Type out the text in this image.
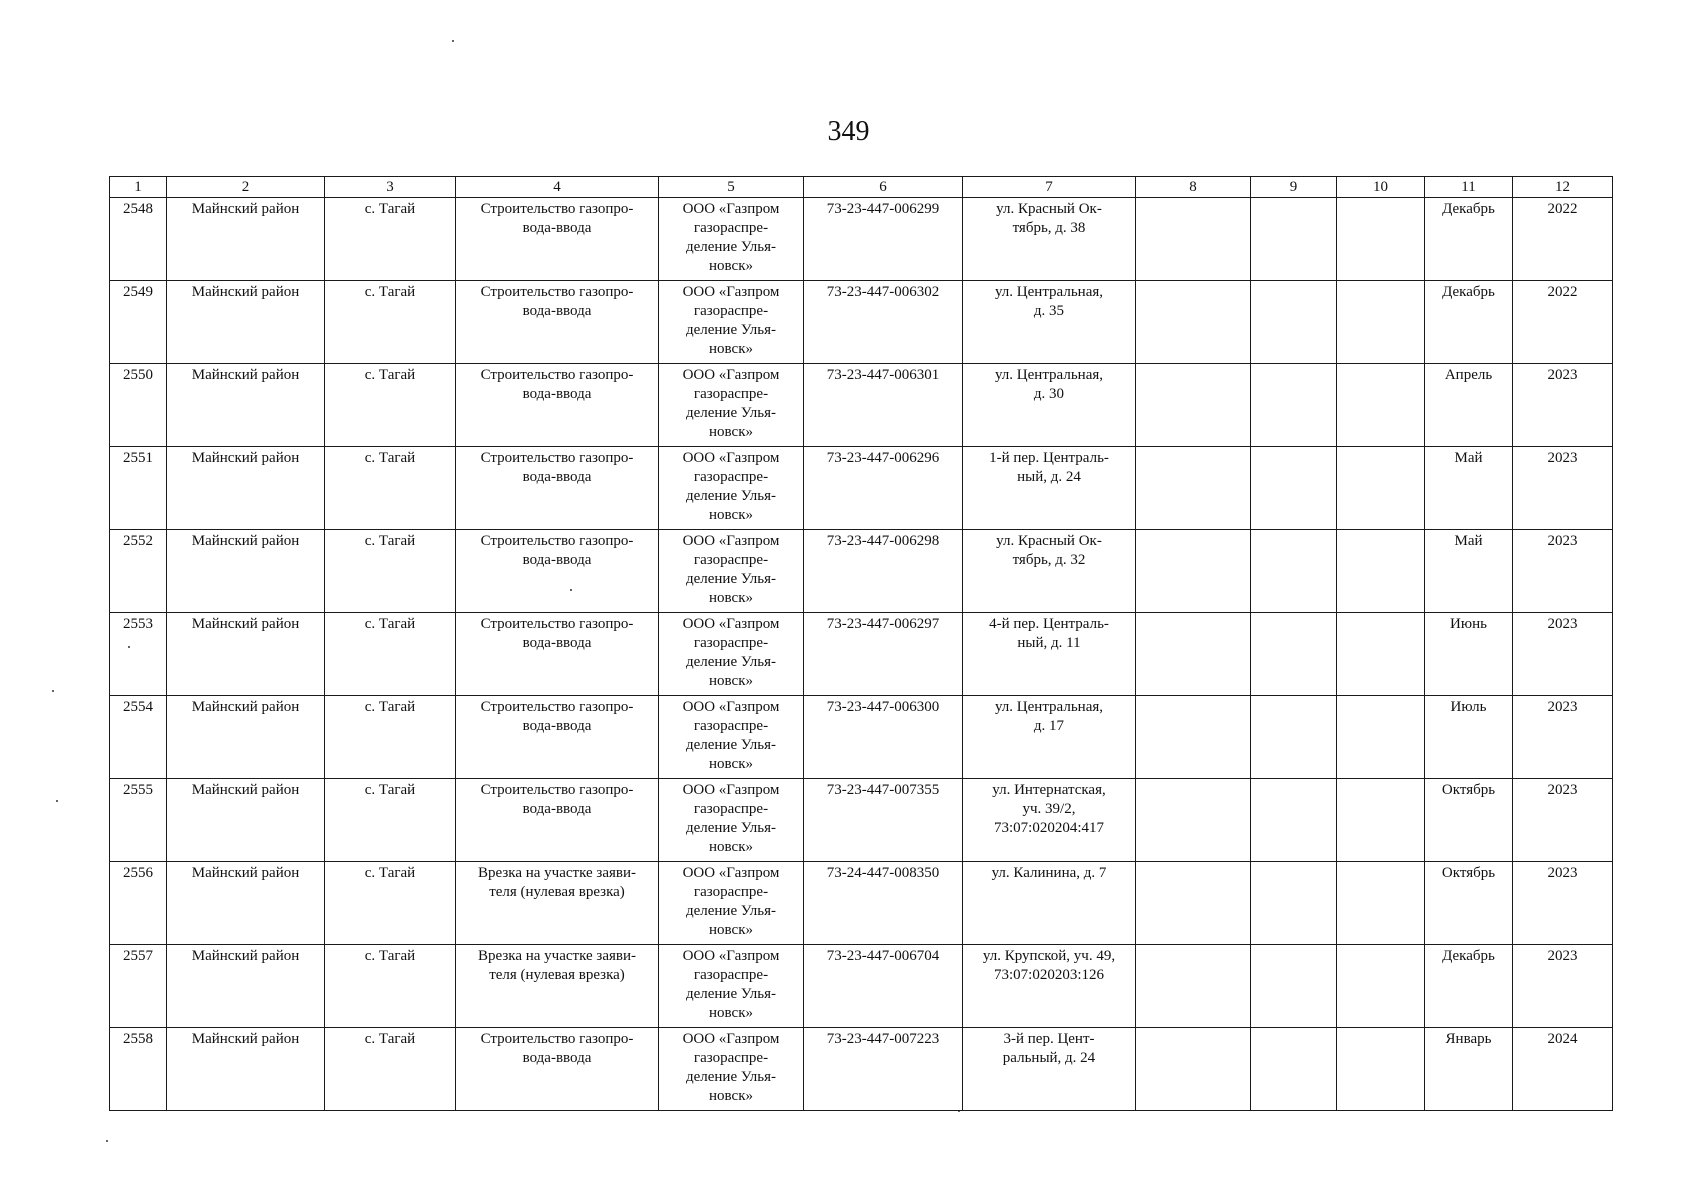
349
1	2	3	4	5	6	7	8	9	10	11	12
2548	Майнский район	с. Тагай	Строительство газопро-
вода-ввода	ООО «Газпром
газораспре-
деление Улья-
новск»	73-23-447-006299	ул. Красный Ок-
тябрь, д. 38				Декабрь	2022
2549	Майнский район	с. Тагай	Строительство газопро-
вода-ввода	ООО «Газпром
газораспре-
деление Улья-
новск»	73-23-447-006302	ул. Центральная,
д. 35				Декабрь	2022
2550	Майнский район	с. Тагай	Строительство газопро-
вода-ввода	ООО «Газпром
газораспре-
деление Улья-
новск»	73-23-447-006301	ул. Центральная,
д. 30				Апрель	2023
2551	Майнский район	с. Тагай	Строительство газопро-
вода-ввода	ООО «Газпром
газораспре-
деление Улья-
новск»	73-23-447-006296	1-й пер. Централь-
ный, д. 24				Май	2023
2552	Майнский район	с. Тагай	Строительство газопро-
вода-ввода	ООО «Газпром
газораспре-
деление Улья-
новск»	73-23-447-006298	ул. Красный Ок-
тябрь, д. 32				Май	2023
2553	Майнский район	с. Тагай	Строительство газопро-
вода-ввода	ООО «Газпром
газораспре-
деление Улья-
новск»	73-23-447-006297	4-й пер. Централь-
ный, д. 11				Июнь	2023
2554	Майнский район	с. Тагай	Строительство газопро-
вода-ввода	ООО «Газпром
газораспре-
деление Улья-
новск»	73-23-447-006300	ул. Центральная,
д. 17				Июль	2023
2555	Майнский район	с. Тагай	Строительство газопро-
вода-ввода	ООО «Газпром
газораспре-
деление Улья-
новск»	73-23-447-007355	ул. Интернатская,
уч. 39/2,
73:07:020204:417				Октябрь	2023
2556	Майнский район	с. Тагай	Врезка на участке заяви-
теля (нулевая врезка)	ООО «Газпром
газораспре-
деление Улья-
новск»	73-24-447-008350	ул. Калинина, д. 7				Октябрь	2023
2557	Майнский район	с. Тагай	Врезка на участке заяви-
теля (нулевая врезка)	ООО «Газпром
газораспре-
деление Улья-
новск»	73-23-447-006704	ул. Крупской, уч. 49,
73:07:020203:126				Декабрь	2023
2558	Майнский район	с. Тагай	Строительство газопро-
вода-ввода	ООО «Газпром
газораспре-
деление Улья-
новск»	73-23-447-007223	3-й пер. Цент-
ральный, д. 24				Январь	2024
